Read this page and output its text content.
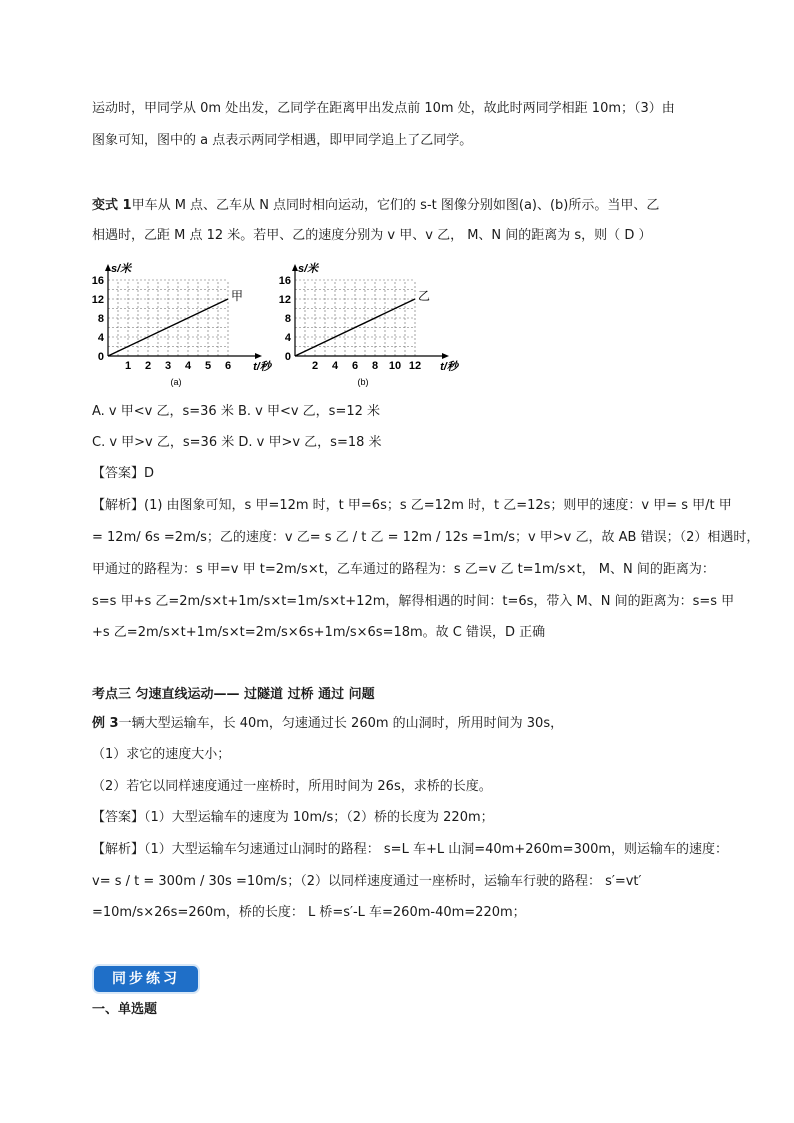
运动时，甲同学从 0m 处出发，乙同学在距离甲出发点前 10m 处，故此时两同学相距 10m；（3）由
图象可知，图中的 a 点表示两同学相遇，即甲同学追上了乙同学。
变式 1甲车从 M 点、乙车从 N 点同时相向运动，它们的 s-t 图像分别如图(a)、(b)所示。当甲、乙
相遇时，乙距 M 点 12 米。若甲、乙的速度分别为 v 甲、v 乙， M、N 间的距离为 s，则（ D ）
0
4
8
12
16
1 2 3 4 5 6
s/米
t/秒
甲
(a)
0
4
8
12
16
2 4 6 8 10 12
s/米
t/秒
乙
(b)
A. v 甲<v 乙，s=36 米 B. v 甲<v 乙，s=12 米
C. v 甲>v 乙，s=36 米 D. v 甲>v 乙，s=18 米
【答案】D
【解析】(1) 由图象可知，s 甲=12m 时，t 甲=6s；s 乙=12m 时，t 乙=12s；则甲的速度：v 甲= s 甲/t 甲
= 12m/ 6s =2m/s；乙的速度：v 乙= s 乙 / t 乙 = 12m / 12s =1m/s；v 甲>v 乙，故 AB 错误；（2）相遇时，
甲通过的路程为：s 甲=v 甲 t=2m/s×t，乙车通过的路程为：s 乙=v 乙 t=1m/s×t， M、N 间的距离为：
s=s 甲+s 乙=2m/s×t+1m/s×t=1m/s×t+12m，解得相遇的时间：t=6s，带入 M、N 间的距离为：s=s 甲
+s 乙=2m/s×t+1m/s×t=2m/s×6s+1m/s×6s=18m。故 C 错误，D 正确
考点三 匀速直线运动—— 过隧道 过桥 通过 问题
例 3一辆大型运输车，长 40m，匀速通过长 260m 的山洞时，所用时间为 30s，
（1）求它的速度大小；
（2）若它以同样速度通过一座桥时，所用时间为 26s，求桥的长度。
【答案】（1）大型运输车的速度为 10m/s；（2）桥的长度为 220m；
【解析】（1）大型运输车匀速通过山洞时的路程： s=L 车+L 山洞=40m+260m=300m，则运输车的速度：
v= s / t = 300m / 30s =10m/s；（2）以同样速度通过一座桥时，运输车行驶的路程： s′=vt′
=10m/s×26s=260m，桥的长度： L 桥=s′-L 车=260m-40m=220m；
同步练习
一、单选题
